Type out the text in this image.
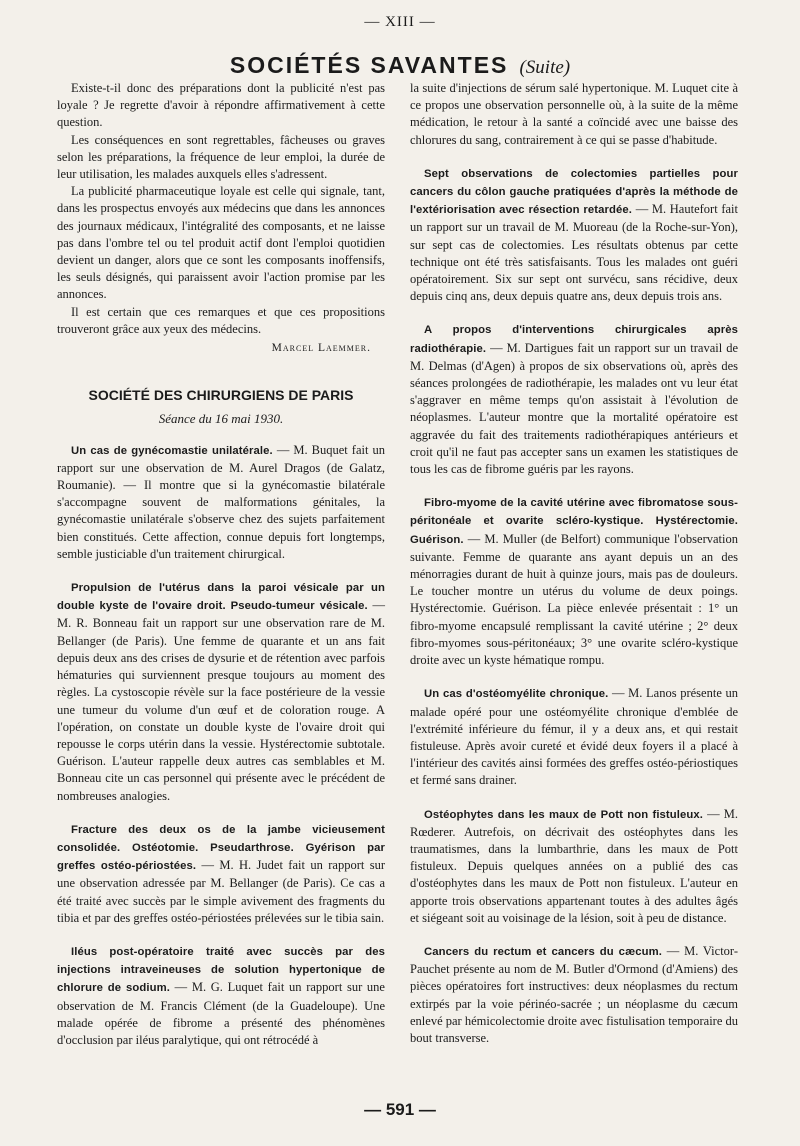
— XIII —
SOCIÉTÉS SAVANTES (Suite)

Existe-t-il donc des préparations dont la publicité n'est pas loyale ? Je regrette d'avoir à répondre affirmativement à cette question.

Les conséquences en sont regrettables, fâcheuses ou graves selon les préparations, la fréquence de leur emploi, la durée de leur utilisation, les malades auxquels elles s'adressent.

La publicité pharmaceutique loyale est celle qui signale, tant, dans les prospectus envoyés aux médecins que dans les annonces des journaux médicaux, l'intégralité des composants, et ne laisse pas dans l'ombre tel ou tel produit actif dont l'emploi quotidien devient un danger, alors que ce sont les composants inoffensifs, les seuls désignés, qui paraissent avoir l'action promise par les annonces.

Il est certain que ces remarques et que ces propositions trouveront grâce aux yeux des médecins.

Marcel Laemmer.
SOCIÉTÉ DES CHIRURGIENS DE PARIS
Séance du 16 mai 1930.

Un cas de gynécomastie unilatérale. — M. Buquet fait un rapport sur une observation de M. Aurel Dragos (de Galatz, Roumanie). — Il montre que si la gynécomastie bilatérale s'accompagne souvent de malformations génitales, la gynécomastie unilatérale s'observe chez des sujets parfaitement bien constitués. Cette affection, connue depuis fort longtemps, semble justiciable d'un traitement chirurgical.

Propulsion de l'utérus dans la paroi vésicale par un double kyste de l'ovaire droit. Pseudo-tumeur vésicale. — M. R. Bonneau fait un rapport sur une observation rare de M. Bellanger (de Paris). Une femme de quarante et un ans fait depuis deux ans des crises de dysurie et de rétention avec parfois hématuries qui surviennent presque toujours au moment des règles. La cystoscopie révèle sur la face postérieure de la vessie une tumeur du volume d'un œuf et de coloration rouge. A l'opération, on constate un double kyste de l'ovaire droit qui repousse le corps utérin dans la vessie. Hystérectomie subtotale. Guérison. L'auteur rappelle deux autres cas semblables et M. Bonneau cite un cas personnel qui présente avec le précédent de nombreuses analogies.

Fracture des deux os de la jambe vicieusement consolidée. Ostéotomie. Pseudarthrose. Gyérison par greffes ostéo-périostées. — M. H. Judet fait un rapport sur une observation adressée par M. Bellanger (de Paris). Ce cas a été traité avec succès par le simple avivement des fragments du tibia et par des greffes ostéo-périostées prélevées sur le tibia sain.

Iléus post-opératoire traité avec succès par des injections intraveineuses de solution hypertonique de chlorure de sodium. — M. G. Luquet fait un rapport sur une observation de M. Francis Clément (de la Guadeloupe). Une malade opérée de fibrome a présenté des phénomènes d'occlusion par iléus paralytique, qui ont rétrocédé à

la suite d'injections de sérum salé hypertonique. M. Luquet cite à ce propos une observation personnelle où, à la suite de la même médication, le retour à la santé a coïncidé avec une baisse des chlorures du sang, contrairement à ce qui se passe d'habitude.

Sept observations de colectomies partielles pour cancers du côlon gauche pratiquées d'après la méthode de l'extériorisation avec résection retardée. — M. Hautefort fait un rapport sur un travail de M. Muoreau (de la Roche-sur-Yon), sur sept cas de colectomies. Les résultats obtenus par cette technique ont été très satisfaisants. Tous les malades ont guéri opératoirement. Six sur sept ont survécu, sans récidive, deux depuis cinq ans, deux depuis quatre ans, deux depuis trois ans.

A propos d'interventions chirurgicales après radiothérapie. — M. Dartigues fait un rapport sur un travail de M. Delmas (d'Agen) à propos de six observations où, après des séances prolongées de radiothérapie, les malades ont vu leur état s'aggraver en même temps qu'on assistait à l'évolution de néoplasmes. L'auteur montre que la mortalité opératoire est aggravée du fait des traitements radiothérapiques antérieurs et croit qu'il ne faut pas accepter sans un examen les statistiques de tous les cas de fibrome guéris par les rayons.

Fibro-myome de la cavité utérine avec fibromatose sous-péritonéale et ovarite scléro-kystique. Hystérectomie. Guérison. — M. Muller (de Belfort) communique l'observation suivante. Femme de quarante ans ayant depuis un an des ménorragies durant de huit à quinze jours, mais pas de douleurs. Le toucher montre un utérus du volume de deux poings. Hystérectomie. Guérison. La pièce enlevée présentait : 1° un fibro-myome encapsulé remplissant la cavité utérine ; 2° deux fibro-myomes sous-péritonéaux; 3° une ovarite scléro-kystique droite avec un kyste hématique rompu.

Un cas d'ostéomyélite chronique. — M. Lanos présente un malade opéré pour une ostéomyélite chronique d'emblée de l'extrémité inférieure du fémur, il y a deux ans, et qui restait fistuleuse. Après avoir cureté et évidé deux foyers il a placé à l'intérieur des cavités ainsi formées des greffes ostéo-périostiques et fermé sans drainer.

Ostéophytes dans les maux de Pott non fistuleux. — M. Rœderer. Autrefois, on décrivait des ostéophytes dans les traumatismes, dans la lumbarthrie, dans les maux de Pott fistuleux. Depuis quelques années on a publié des cas d'ostéophytes dans les maux de Pott non fistuleux. L'auteur en apporte trois observations appartenant toutes à des adultes âgés et siégeant soit au voisinage de la lésion, soit à peu de distance.

Cancers du rectum et cancers du cæcum. — M. Victor-Pauchet présente au nom de M. Butler d'Ormond (d'Amiens) des pièces opératoires fort instructives: deux néoplasmes du rectum extirpés par la voie périnéo-sacrée ; un néoplasme du cæcum enlevé par hémicolectomie droite avec fistulisation temporaire du bout transverse.

— 591 —
